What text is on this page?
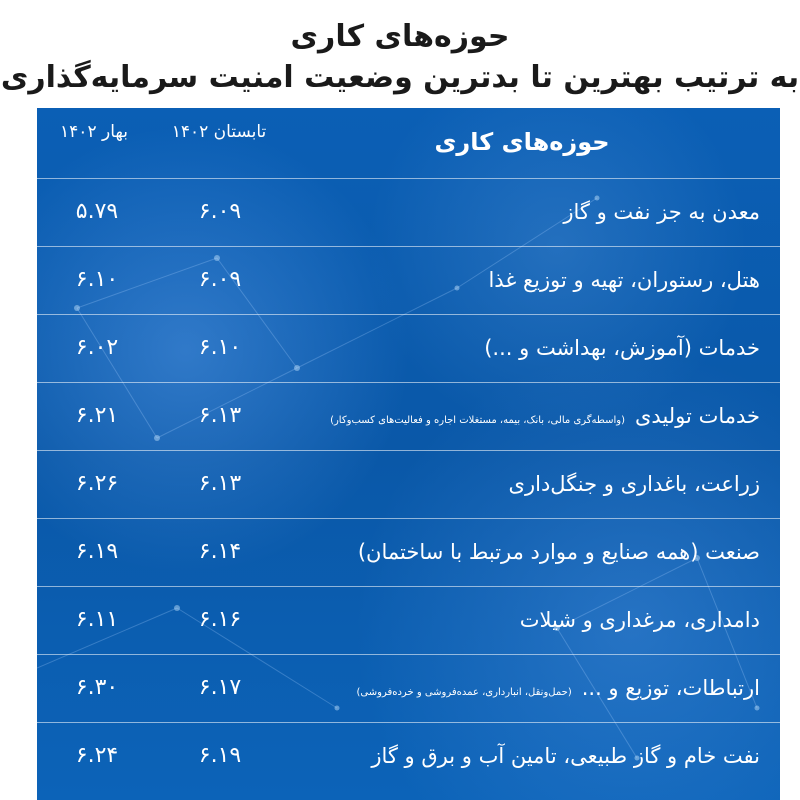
حوزه‌های کاری
به ترتیب بهترین تا بدترین وضعیت امنیت سرمایه‌گذاری
بهار ۱۴۰۲	تابستان ۱۴۰۲	حوزه‌های کاری
۵.۷۹	۶.۰۹	معدن به جز نفت و گاز
۶.۱۰	۶.۰۹	هتل، رستوران، تهیه و توزیع غذا
۶.۰۲	۶.۱۰	خدمات (آموزش، بهداشت و ...)
۶.۲۱	۶.۱۳	خدمات تولیدی(واسطه‌گری مالی، بانک، بیمه، مستغلات اجاره و فعالیت‌های کسب‌وکار)
۶.۲۶	۶.۱۳	زراعت، باغداری و جنگل‌داری
۶.۱۹	۶.۱۴	صنعت (همه صنایع و موارد مرتبط با ساختمان)
۶.۱۱	۶.۱۶	دامداری، مرغداری و شیلات
۶.۳۰	۶.۱۷	ارتباطات، توزیع و ...(حمل‌ونقل، انبارداری، عمده‌فروشی و خرده‌فروشی)
۶.۲۴	۶.۱۹	نفت خام و گاز طبیعی، تامین آب و برق و گاز
